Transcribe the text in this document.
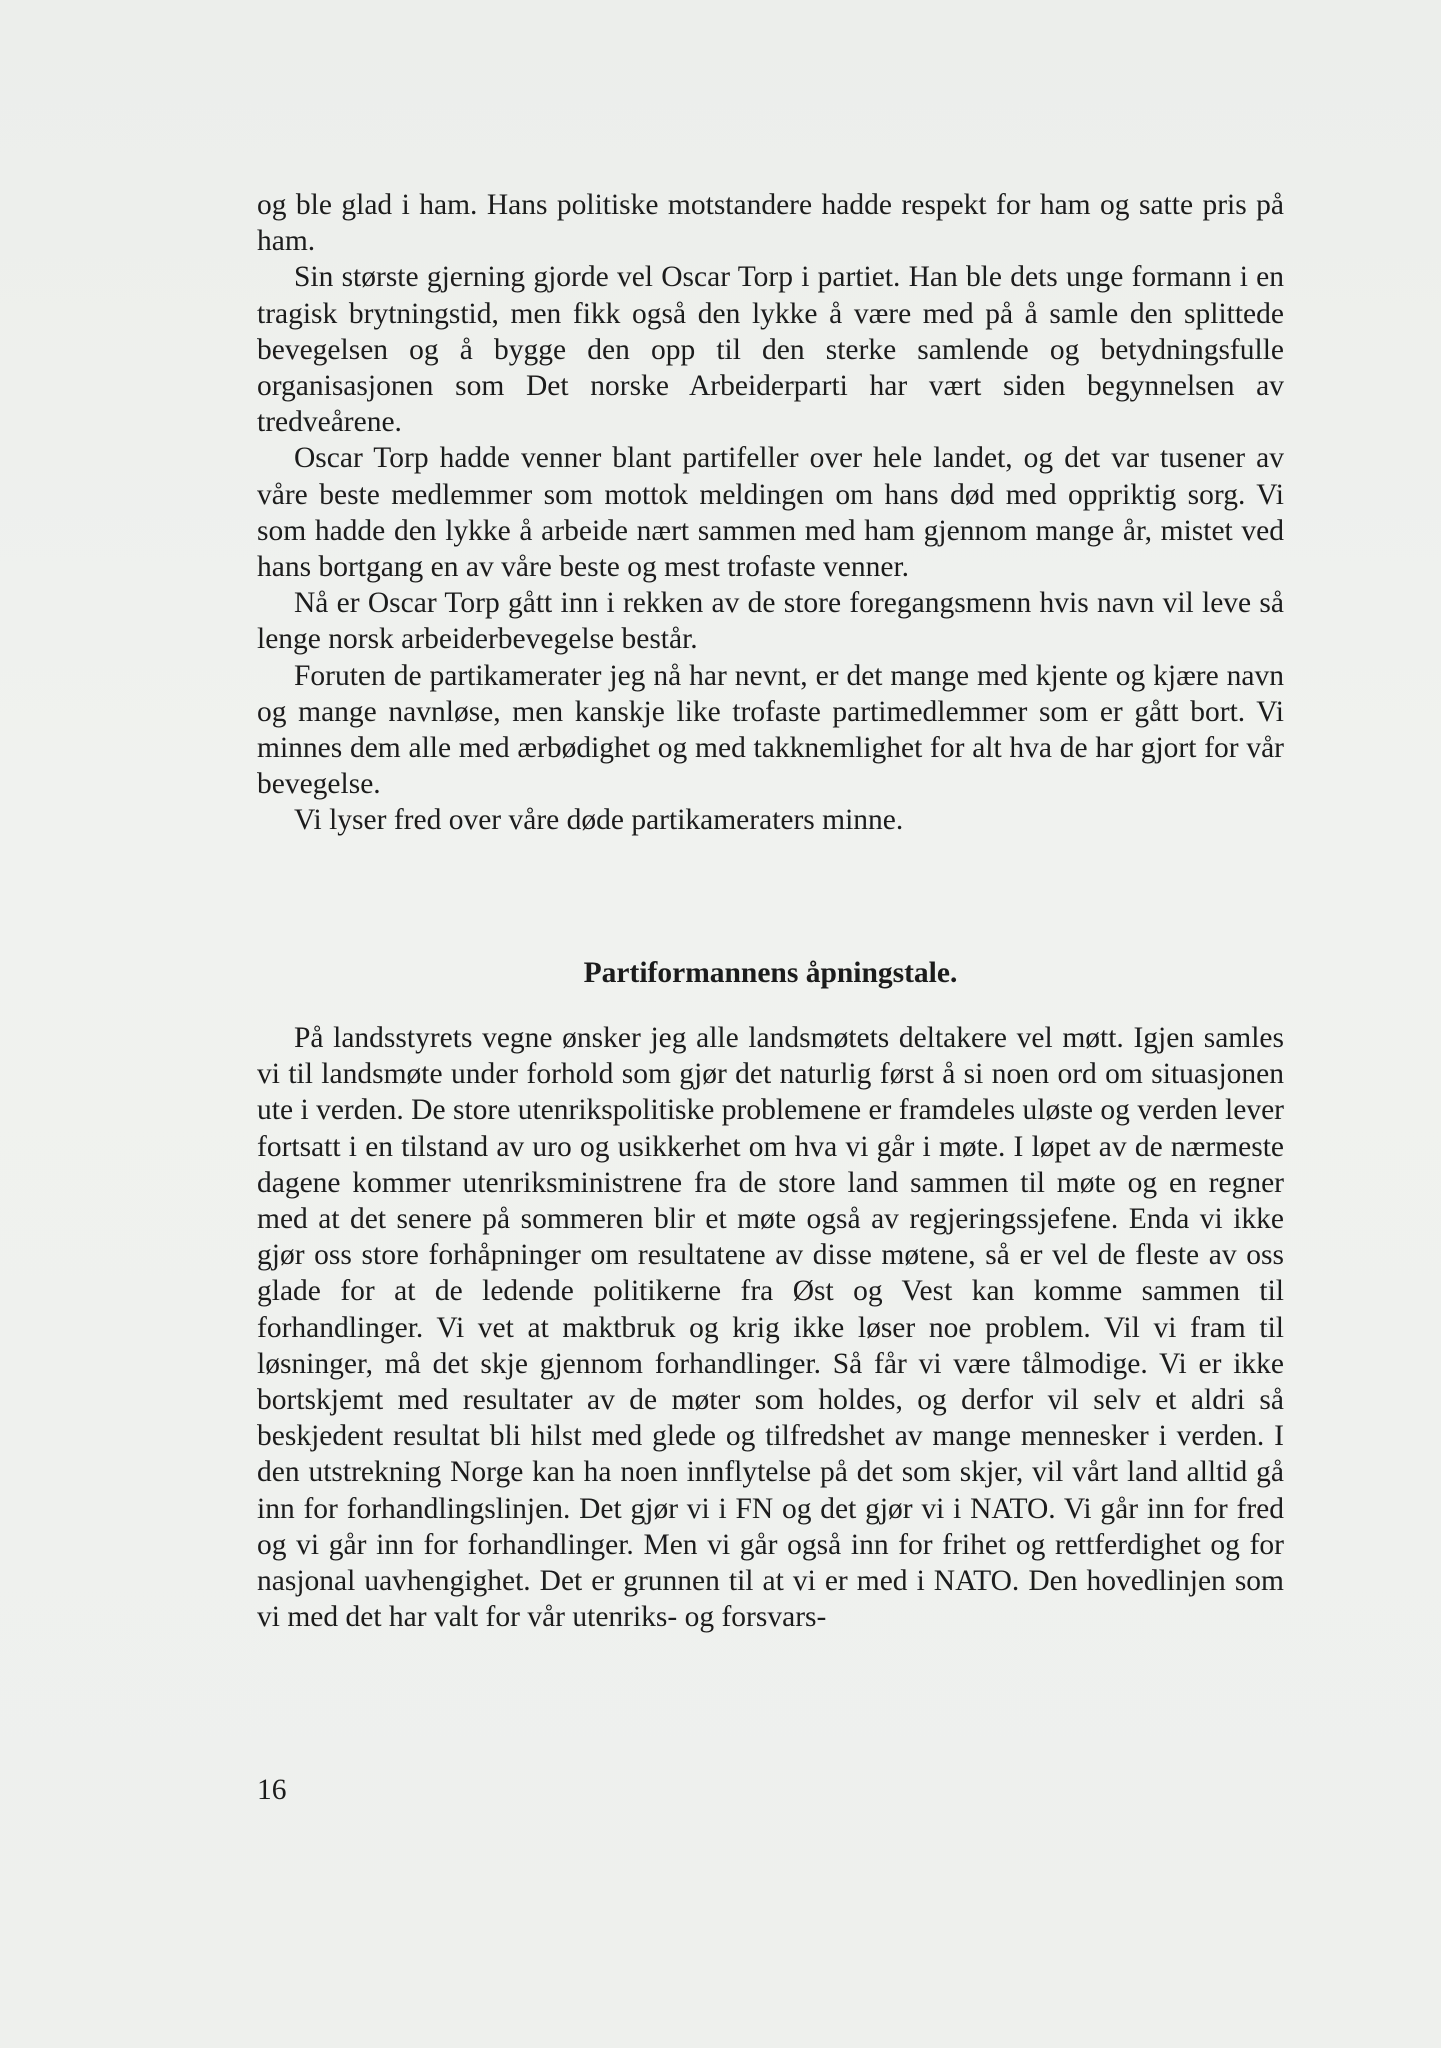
og ble glad i ham. Hans politiske motstandere hadde respekt for ham og satte pris på ham.

Sin største gjerning gjorde vel Oscar Torp i partiet. Han ble dets unge formann i en tragisk brytningstid, men fikk også den lykke å være med på å samle den splittede bevegelsen og å bygge den opp til den sterke samlende og betydningsfulle organisasjonen som Det norske Arbeiderparti har vært siden begynnelsen av tredveårene.

Oscar Torp hadde venner blant partifeller over hele landet, og det var tusener av våre beste medlemmer som mottok meldingen om hans død med oppriktig sorg. Vi som hadde den lykke å arbeide nært sammen med ham gjennom mange år, mistet ved hans bortgang en av våre beste og mest trofaste venner.

Nå er Oscar Torp gått inn i rekken av de store foregangsmenn hvis navn vil leve så lenge norsk arbeiderbevegelse består.

Foruten de partikamerater jeg nå har nevnt, er det mange med kjente og kjære navn og mange navnløse, men kanskje like trofaste partimedlemmer som er gått bort. Vi minnes dem alle med ærbødighet og med takknemlighet for alt hva de har gjort for vår bevegelse.

Vi lyser fred over våre døde partikameraters minne.

Partiformannens åpningstale.

På landsstyrets vegne ønsker jeg alle landsmøtets deltakere vel møtt. Igjen samles vi til landsmøte under forhold som gjør det naturlig først å si noen ord om situasjonen ute i verden. De store utenrikspolitiske problemene er framdeles uløste og verden lever fortsatt i en tilstand av uro og usikkerhet om hva vi går i møte. I løpet av de nærmeste dagene kommer utenriksministrene fra de store land sammen til møte og en regner med at det senere på sommeren blir et møte også av regjeringssjefene. Enda vi ikke gjør oss store forhåpninger om resultatene av disse møtene, så er vel de fleste av oss glade for at de ledende politikerne fra Øst og Vest kan komme sammen til forhandlinger. Vi vet at maktbruk og krig ikke løser noe problem. Vil vi fram til løsninger, må det skje gjennom forhandlinger. Så får vi være tålmodige. Vi er ikke bortskjemt med resultater av de møter som holdes, og derfor vil selv et aldri så beskjedent resultat bli hilst med glede og tilfredshet av mange mennesker i verden. I den utstrekning Norge kan ha noen innflytelse på det som skjer, vil vårt land alltid gå inn for forhandlingslinjen. Det gjør vi i FN og det gjør vi i NATO. Vi går inn for fred og vi går inn for forhandlinger. Men vi går også inn for frihet og rettferdighet og for nasjonal uavhengighet. Det er grunnen til at vi er med i NATO. Den hovedlinjen som vi med det har valt for vår utenriks- og forsvars-

16
